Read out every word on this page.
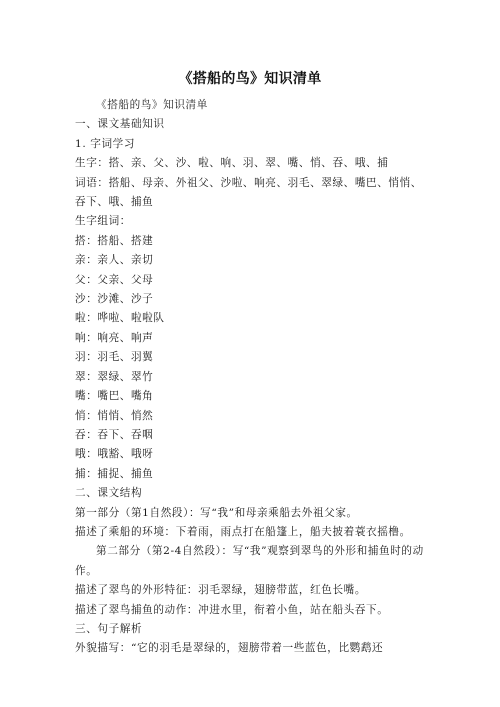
《搭船的鸟》知识清单

《搭船的鸟》知识清单

一、课文基础知识

1. 字词学习

生字：搭、亲、父、沙、啦、响、羽、翠、嘴、悄、吞、哦、捕

词语：搭船、母亲、外祖父、沙啦、响亮、羽毛、翠绿、嘴巴、悄悄、吞下、哦、捕鱼

生字组词：

搭：搭船、搭建

亲：亲人、亲切

父：父亲、父母

沙：沙滩、沙子

啦：哗啦、啦啦队

响：响亮、响声

羽：羽毛、羽翼

翠：翠绿、翠竹

嘴：嘴巴、嘴角

悄：悄悄、悄然

吞：吞下、吞咽

哦：哦豁、哦呀

捕：捕捉、捕鱼

二、课文结构

第一部分（第1自然段）：写“我”和母亲乘船去外祖父家。

描述了乘船的环境：下着雨，雨点打在船篷上，船夫披着蓑衣摇橹。

第二部分（第2-4自然段）：写“我”观察到翠鸟的外形和捕鱼时的动作。

描述了翠鸟的外形特征：羽毛翠绿，翅膀带蓝，红色长嘴。

描述了翠鸟捕鱼的动作：冲进水里，衔着小鱼，站在船头吞下。

三、句子解析

外貌描写：“它的羽毛是翠绿的，翅膀带着一些蓝色，比鹦鹉还
